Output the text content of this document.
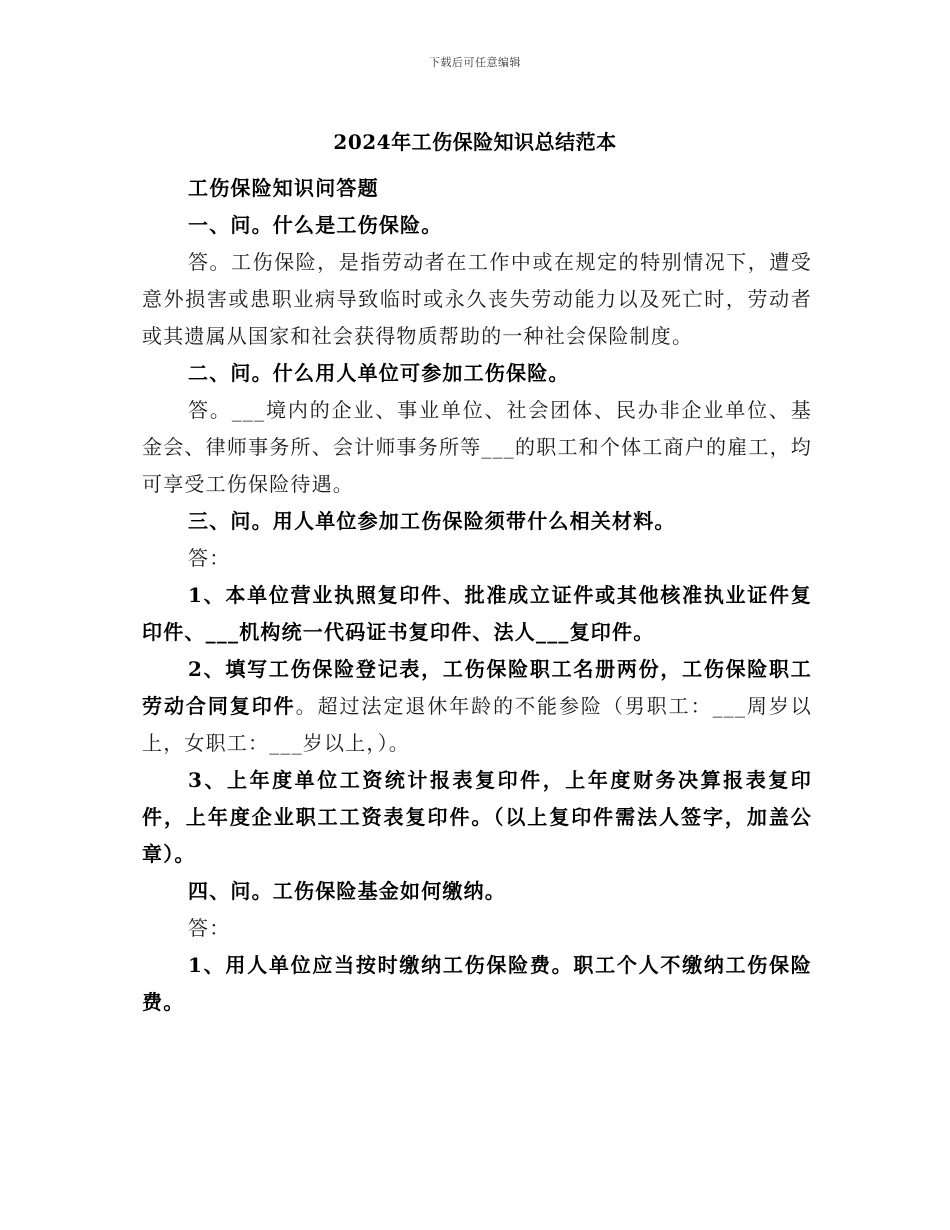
下载后可任意编辑
2024年工伤保险知识总结范本

工伤保险知识问答题

一、问。什么是工伤保险。

答。工伤保险，是指劳动者在工作中或在规定的特别情况下，遭受意外损害或患职业病导致临时或永久丧失劳动能力以及死亡时，劳动者或其遗属从国家和社会获得物质帮助的一种社会保险制度。

二、问。什么用人单位可参加工伤保险。

答。___境内的企业、事业单位、社会团体、民办非企业单位、基金会、律师事务所、会计师事务所等___的职工和个体工商户的雇工，均可享受工伤保险待遇。

三、问。用人单位参加工伤保险须带什么相关材料。

答：

1、本单位营业执照复印件、批准成立证件或其他核准执业证件复印件、___机构统一代码证书复印件、法人___复印件。

2、填写工伤保险登记表，工伤保险职工名册两份，工伤保险职工劳动合同复印件。超过法定退休年龄的不能参险（男职工：___周岁以上，女职工：___岁以上，）。

3、上年度单位工资统计报表复印件，上年度财务决算报表复印件，上年度企业职工工资表复印件。（以上复印件需法人签字，加盖公章）。

四、问。工伤保险基金如何缴纳。

答：

1、用人单位应当按时缴纳工伤保险费。职工个人不缴纳工伤保险费。
